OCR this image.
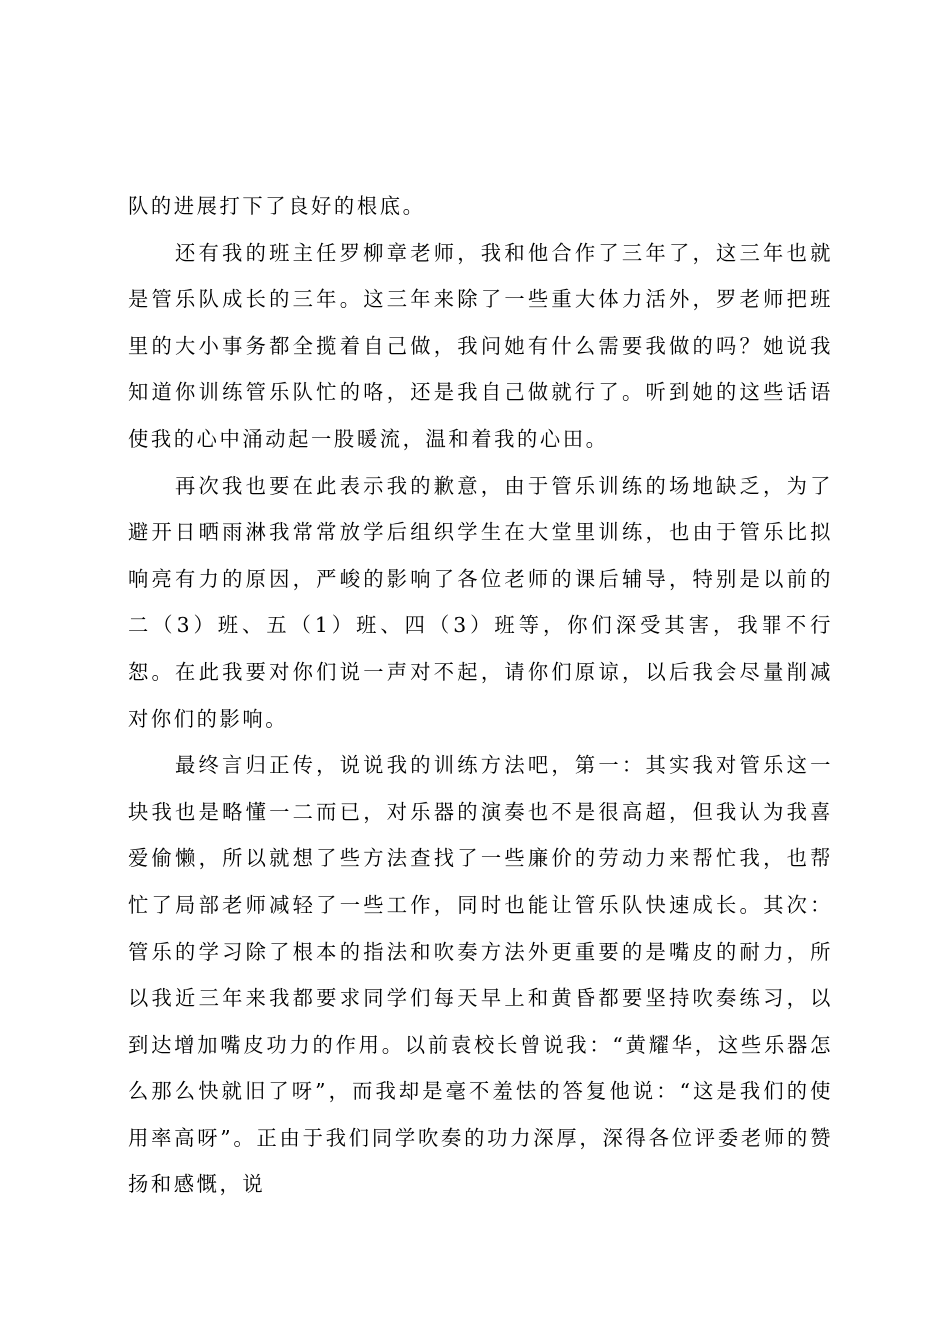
队的进展打下了良好的根底。

还有我的班主任罗柳章老师，我和他合作了三年了，这三年也就是管乐队成长的三年。这三年来除了一些重大体力活外，罗老师把班里的大小事务都全揽着自己做，我问她有什么需要我做的吗？她说我知道你训练管乐队忙的咯，还是我自己做就行了。听到她的这些话语使我的心中涌动起一股暖流，温和着我的心田。

再次我也要在此表示我的歉意，由于管乐训练的场地缺乏，为了避开日晒雨淋我常常放学后组织学生在大堂里训练，也由于管乐比拟响亮有力的原因，严峻的影响了各位老师的课后辅导，特别是以前的二（3）班、五（1）班、四（3）班等，你们深受其害，我罪不行恕。在此我要对你们说一声对不起，请你们原谅，以后我会尽量削减对你们的影响。

最终言归正传，说说我的训练方法吧，第一：其实我对管乐这一块我也是略懂一二而已，对乐器的演奏也不是很高超，但我认为我喜爱偷懒，所以就想了些方法查找了一些廉价的劳动力来帮忙我，也帮忙了局部老师减轻了一些工作，同时也能让管乐队快速成长。其次：管乐的学习除了根本的指法和吹奏方法外更重要的是嘴皮的耐力，所以我近三年来我都要求同学们每天早上和黄昏都要坚持吹奏练习，以到达增加嘴皮功力的作用。以前袁校长曾说我：“黄耀华，这些乐器怎么那么快就旧了呀”，而我却是毫不羞怯的答复他说：“这是我们的使用率高呀”。正由于我们同学吹奏的功力深厚，深得各位评委老师的赞扬和感慨，说
